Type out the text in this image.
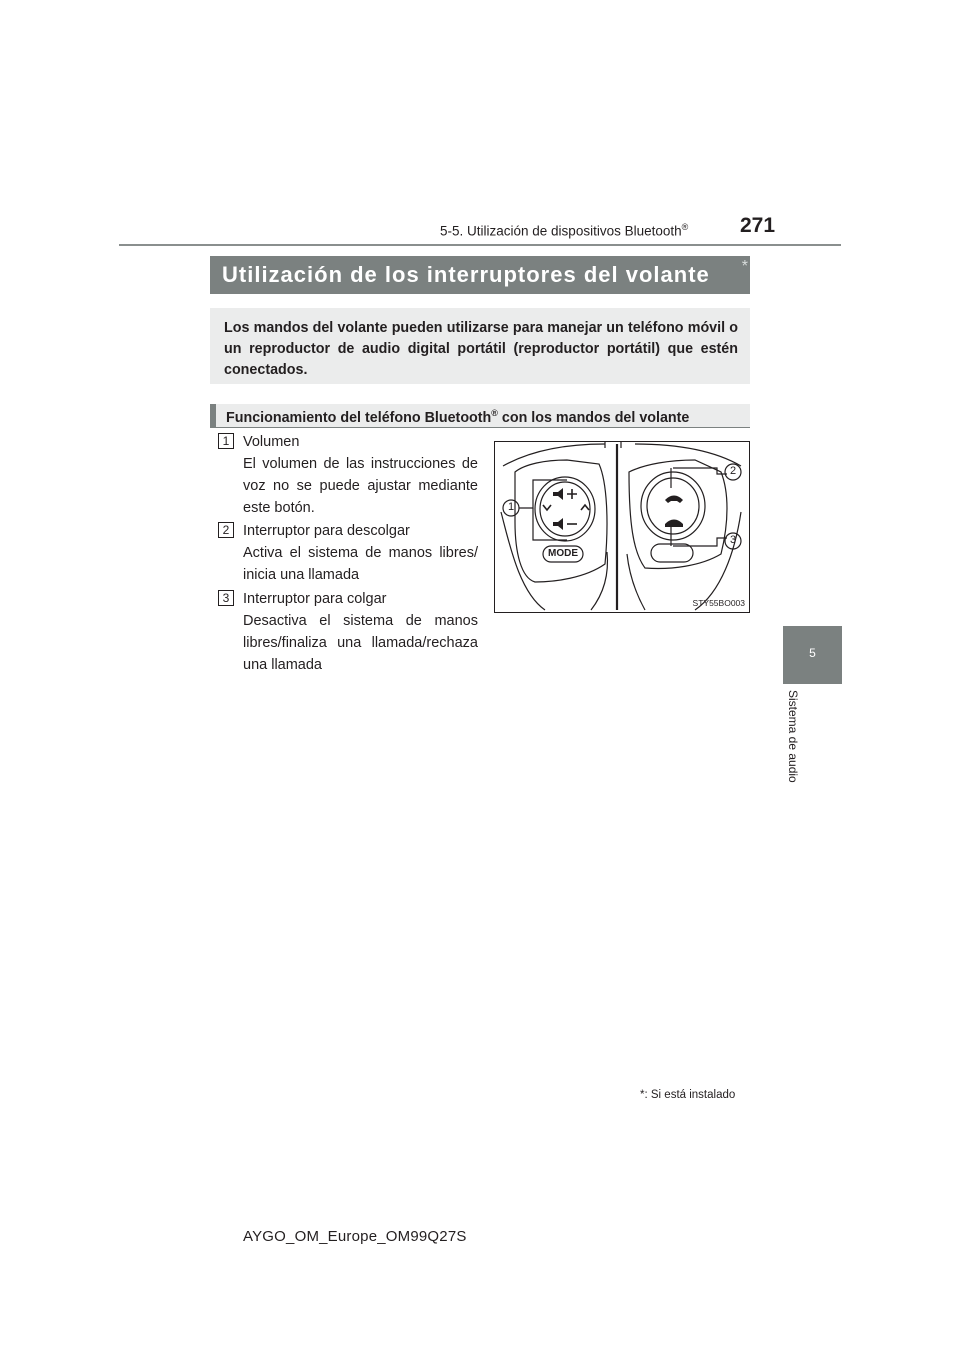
5-5. Utilización de dispositivos Bluetooth® 271
5
Sistema de audio
Utilización de los interruptores del volante *
Los mandos del volante pueden utilizarse para manejar un teléfono móvil o un reproductor de audio digital portátil (reproductor portátil) que estén conectados.
Funcionamiento del teléfono Bluetooth® con los mandos del volante
1 Volumen
El volumen de las instrucciones de voz no se puede ajustar mediante este botón.
2 Interruptor para descolgar
Activa el sistema de manos libres/ inicia una llamada
3 Interruptor para colgar
Desactiva el sistema de manos libres/finaliza una llamada/rechaza una llamada
MODE
1
2
3
STY55BO003
*: Si está instalado
AYGO_OM_Europe_OM99Q27S
